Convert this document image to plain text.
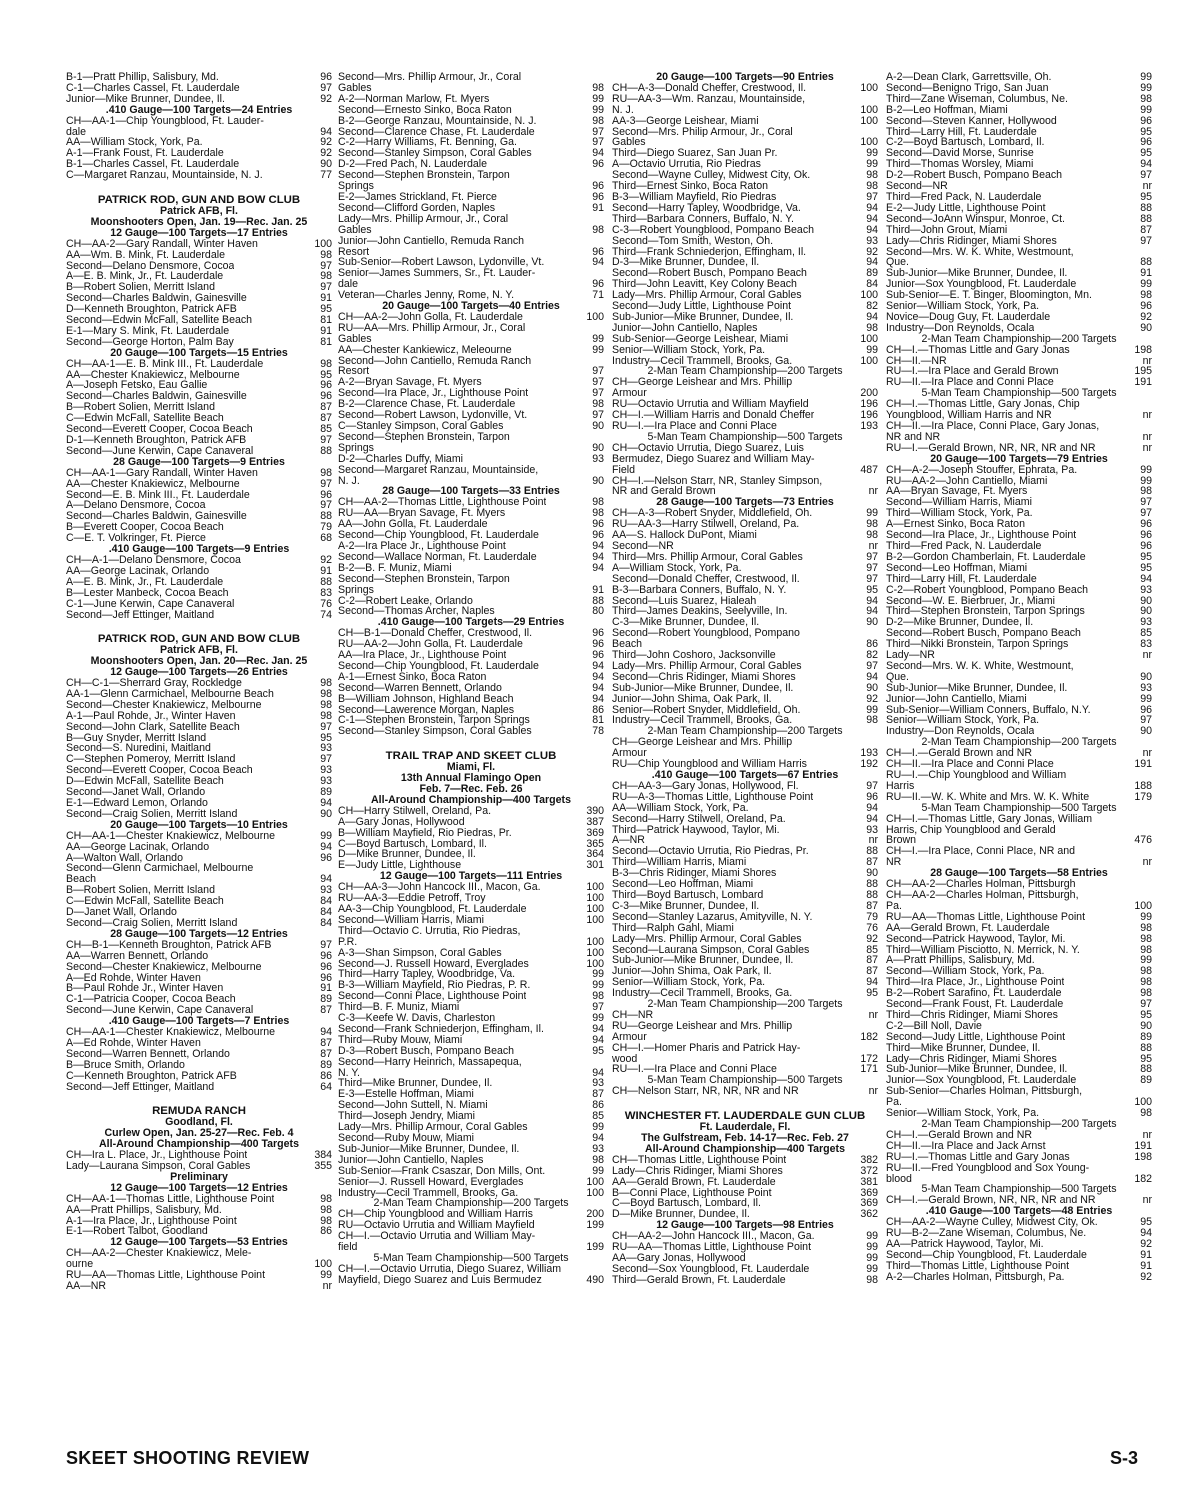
B-1—Pratt Phillip, Salisbury, Md.	96
C-1—Charles Cassel, Ft. Lauderdale	97
Junior—Mike Brunner, Dundee, Il.	92
.410 Gauge—100 Targets—24 Entries
CH—AA-1—Chip Youngblood, Ft. Lauder-
dale	94
AA—William Stock, York, Pa.	92
A-1—Frank Foust, Ft. Lauderdale	92
B-1—Charles Cassel, Ft. Lauderdale	90
C—Margaret Ranzau, Mountainside, N. J.	77
PATRICK ROD, GUN AND BOW CLUB
Patrick AFB, Fl.
Moonshooters Open, Jan. 19—Rec. Jan. 25
12 Gauge—100 Targets—17 Entries
CH—AA-2—Gary Randall, Winter Haven	100
AA—Wm. B. Mink, Ft. Lauderdale	98
Second—Delano Densmore, Cocoa	97
A—E. B. Mink, Jr., Ft. Lauderdale	98
B—Robert Solien, Merritt Island	97
Second—Charles Baldwin, Gainesville	91
D—Kenneth Broughton, Patrick AFB	95
Second—Edwin McFall, Satellite Beach	81
E-1—Mary S. Mink, Ft. Lauderdale	91
Second—George Horton, Palm Bay	81
20 Gauge—100 Targets—15 Entries
CH—AA-1—E. B. Mink III., Ft. Lauderdale	98
AA—Chester Knakiewicz, Melbourne	95
A—Joseph Fetsko, Eau Gallie	96
Second—Charles Baldwin, Gainesville	96
B—Robert Solien, Merritt Island	87
C—Edwin McFall, Satellite Beach	87
Second—Everett Cooper, Cocoa Beach	85
D-1—Kenneth Broughton, Patrick AFB	97
Second—June Kerwin, Cape Canaveral	88
28 Gauge—100 Targets—9 Entries
CH—AA-1—Gary Randall, Winter Haven	98
AA—Chester Knakiewicz, Melbourne	97
Second—E. B. Mink III., Ft. Lauderdale	96
A—Delano Densmore, Cocoa	97
Second—Charles Baldwin, Gainesville	88
B—Everett Cooper, Cocoa Beach	79
C—E. T. Volkringer, Ft. Pierce	68
.410 Gauge—100 Targets—9 Entries
CH—A-1—Delano Densmore, Cocoa	92
AA—George Lacinak, Orlando	91
A—E. B. Mink, Jr., Ft. Lauderdale	88
B—Lester Manbeck, Cocoa Beach	83
C-1—June Kerwin, Cape Canaveral	76
Second—Jeff Ettinger, Maitland	74
PATRICK ROD, GUN AND BOW CLUB
Patrick AFB, Fl.
Moonshooters Open, Jan. 20—Rec. Jan. 25
12 Gauge—100 Targets—26 Entries
CH—C-1—Sherrard Gray, Rockledge	98
AA-1—Glenn Carmichael, Melbourne Beach	98
Second—Chester Knakiewicz, Melbourne	98
A-1—Paul Rohde, Jr., Winter Haven	98
Second—John Clark, Satellite Beach	97
B—Guy Snyder, Merritt Island	95
Second—S. Nuredini, Maitland	93
C—Stephen Pomeroy, Merritt Island	97
Second—Everett Cooper, Cocoa Beach	93
D—Edwin McFall, Satellite Beach	93
Second—Janet Wall, Orlando	89
E-1—Edward Lemon, Orlando	94
Second—Craig Solien, Merritt Island	90
20 Gauge—100 Targets—10 Entries
CH—AA-1—Chester Knakiewicz, Melbourne	99
AA—George Lacinak, Orlando	94
A—Walton Wall, Orlando	96
Second—Glenn Carmichael, Melbourne
Beach	94
B—Robert Solien, Merritt Island	93
C—Edwin McFall, Satellite Beach	84
D—Janet Wall, Orlando	84
Second—Craig Solien, Merritt Island	84
28 Gauge—100 Targets—12 Entries
CH—B-1—Kenneth Broughton, Patrick AFB	97
AA—Warren Bennett, Orlando	96
Second—Chester Knakiewicz, Melbourne	96
A—Ed Rohde, Winter Haven	96
B—Paul Rohde Jr., Winter Haven	91
C-1—Patricia Cooper, Cocoa Beach	89
Second—June Kerwin, Cape Canaveral	87
.410 Gauge—100 Targets—7 Entries
CH—AA-1—Chester Knakiewicz, Melbourne	94
A—Ed Rohde, Winter Haven	87
Second—Warren Bennett, Orlando	87
B—Bruce Smith, Orlando	89
C—Kenneth Broughton, Patrick AFB	86
Second—Jeff Ettinger, Maitland	64
REMUDA RANCH
Goodland, Fl.
Curlew Open, Jan. 25-27—Rec. Feb. 4
All-Around Championship—400 Targets
CH—Ira L. Place, Jr., Lighthouse Point	384
Lady—Laurana Simpson, Coral Gables	355
Preliminary
12 Gauge—100 Targets—12 Entries
CH—AA-1—Thomas Little, Lighthouse Point	98
AA—Pratt Phillips, Salisbury, Md.	98
A-1—Ira Place, Jr., Lighthouse Point	98
E-1—Robert Talbot, Goodland	86
12 Gauge—100 Targets—53 Entries
CH—AA-2—Chester Knakiewicz, Mele-
ourne	100
RU—AA—Thomas Little, Lighthouse Point	99
AA—NR	nr
Second—Mrs. Phillip Armour, Jr., Coral
Gables	98
A-2—Norman Marlow, Ft. Myers	99
Second—Ernesto Sinko, Boca Raton	99
B-2—George Ranzau, Mountainside, N. J.	98
Second—Clarence Chase, Ft. Lauderdale	97
C-2—Harry Williams, Ft. Benning, Ga.	97
Second—Stanley Simpson, Coral Gables	94
D-2—Fred Pach, N. Lauderdale	96
Second—Stephen Bronstein, Tarpon
Springs	96
E-2—James Strickland, Ft. Pierce	96
Second—Clifford Gorden, Naples	91
Lady—Mrs. Phillip Armour, Jr., Coral
Gables	98
Junior—John Cantiello, Remuda Ranch
Resort	96
Sub-Senior—Robert Lawson, Lydonville, Vt.	94
Senior—James Summers, Sr., Ft. Lauder-
dale	96
Veteran—Charles Jenny, Rome, N. Y.	71
20 Gauge—100 Targets—40 Entries
CH—AA-2—John Golla, Ft. Lauderdale	100
RU—AA—Mrs. Phillip Armour, Jr., Coral
Gables	99
AA—Chester Kankiewicz, Meleourne	99
Second—John Cantiello, Remuda Ranch
Resort	97
A-2—Bryan Savage, Ft. Myers	97
Second—Ira Place, Jr., Lighthouse Point	97
B-2—Clarence Chase, Ft. Lauderdale	98
Second—Robert Lawson, Lydonville, Vt.	97
C—Stanley Simpson, Coral Gables	90
Second—Stephen Bronstein, Tarpon
Springs	90
D-2—Charles Duffy, Miami	93
Second—Margaret Ranzau, Mountainside,
N. J.	90
28 Gauge—100 Targets—33 Entries
CH—AA-2—Thomas Little, Lighthouse Point	98
RU—AA—Bryan Savage, Ft. Myers	98
AA—John Golla, Ft. Lauderdale	96
Second—Chip Youngblood, Ft. Lauderdale	96
A-2—Ira Place Jr., Lighthouse Point	94
Second—Wallace Norman, Ft. Lauderdale	94
B-2—B. F. Muniz, Miami	94
Second—Stephen Bronstein, Tarpon
Springs	91
C-2—Robert Leake, Orlando	88
Second—Thomas Archer, Naples	80
.410 Gauge—100 Targets—29 Entries
CH—B-1—Donald Cheffer, Crestwood, Il.	96
RU—AA-2—John Golla, Ft. Lauderdale	96
AA—Ira Place, Jr., Lighthouse Point	96
Second—Chip Youngblood, Ft. Lauderdale	94
A-1—Ernest Sinko, Boca Raton	94
Second—Warren Bennett, Orlando	94
B—William Johnson, Highland Beach	94
Second—Lawerence Morgan, Naples	86
C-1—Stephen Bronstein, Tarpon Springs	81
Second—Stanley Simpson, Coral Gables	78
TRAIL TRAP AND SKEET CLUB
Miami, Fl.
13th Annual Flamingo Open
Feb. 7—Rec. Feb. 26
All-Around Championship—400 Targets
CH—Harry Stilwell, Oreland, Pa.	390
A—Gary Jonas, Hollywood	387
B—William Mayfield, Rio Piedras, Pr.	369
C—Boyd Bartusch, Lombard, Il.	365
D—Mike Brunner, Dundee, Il.	364
E—Judy Little, Lighthouse	301
12 Gauge—100 Targets—111 Entries
CH—AA-3—John Hancock III., Macon, Ga.	100
RU—AA-3—Eddie Petroff, Troy	100
AA-3—Chip Youngblood, Ft. Lauderdale	100
Second—William Harris, Miami	100
Third—Octavio C. Urrutia, Rio Piedras,
P.R.	100
A-3—Shan Simpson, Coral Gables	100
Second—J. Russell Howard, Everglades	100
Third—Harry Tapley, Woodbridge, Va.	99
B-3—William Mayfield, Rio Piedras, P. R.	99
Second—Conni Place, Lighthouse Point	98
Third—B. F. Muniz, Miami	97
C-3—Keefe W. Davis, Charleston	99
Second—Frank Schniederjon, Effingham, Il.	94
Third—Ruby Mouw, Miami	94
D-3—Robert Busch, Pompano Beach	95
Second—Harry Heinrich, Massapequa,
N. Y.	94
Third—Mike Brunner, Dundee, Il.	93
E-3—Estelle Hoffman, Miami	87
Second—John Suttell, N. Miami	86
Third—Joseph Jendry, Miami	85
Lady—Mrs. Phillip Armour, Coral Gables	99
Second—Ruby Mouw, Miami	94
Sub-Junior—Mike Brunner, Dundee, Il.	93
Junior—John Cantiello, Naples	98
Sub-Senior—Frank Csaszar, Don Mills, Ont.	99
Senior—J. Russell Howard, Everglades	100
Industry—Cecil Trammell, Brooks, Ga.	100
2-Man Team Championship—200 Targets
CH—Chip Youngblood and William Harris	200
RU—Octavio Urrutia and William Mayfield	199
CH—I.—Octavio Urrutia and William May-
field	199
5-Man Team Championship—500 Targets
CH—I.—Octavio Urrutia, Diego Suarez, William
Mayfield, Diego Suarez and Luis Bermudez	490
20 Gauge—100 Targets—90 Entries
CH—A-3—Donald Cheffer, Crestwood, Il.	100
RU—AA-3—Wm. Ranzau, Mountainside,
N. J.	100
AA-3—George Leishear, Miami	100
Second—Mrs. Philip Armour, Jr., Coral
Gables	100
Third—Diego Suarez, San Juan Pr.	99
A—Octavio Urrutia, Rio Piedras	99
Second—Wayne Culley, Midwest City, Ok.	98
Third—Ernest Sinko, Boca Raton	98
B-3—William Mayfield, Rio Piedras	97
Second—Harry Tapley, Woodbridge, Va.	94
Third—Barbara Conners, Buffalo, N. Y.	94
C-3—Robert Youngblood, Pompano Beach	94
Second—Tom Smith, Weston, Oh.	93
Third—Frank Schniederjon, Effingham, Il.	92
D-3—Mike Brunner, Dundee, Il.	94
Second—Robert Busch, Pompano Beach	89
Third—John Leavitt, Key Colony Beach	84
Lady—Mrs. Phillip Armour, Coral Gables	100
Second—Judy Little, Lighthouse Point	82
Sub-Junior—Mike Brunner, Dundee, Il.	94
Junior—John Cantiello, Naples	98
Sub-Senior—George Leishear, Miami	100
Senior—William Stock, York, Pa.	99
Industry—Cecil Trammell, Brooks, Ga.	100
2-Man Team Championship—200 Targets
CH—George Leishear and Mrs. Phillip
Armour	200
RU—Octavio Urrutia and William Mayfield	196
CH—I.—William Harris and Donald Cheffer	196
RU—I.—Ira Place and Conni Place	193
5-Man Team Championship—500 Targets
CH—Octavio Urrutia, Diego Suarez, Luis
Bermudez, Diego Suarez and William May-
Field	487
CH—I.—Nelson Starr, NR, Stanley Simpson,
NR and Gerald Brown	nr
28 Gauge—100 Targets—73 Entries
CH—A-3—Robert Snyder, Middlefield, Oh.	99
RU—AA-3—Harry Stilwell, Oreland, Pa.	98
AA—S. Hallock DuPont, Miami	98
Second—NR	nr
Third—Mrs. Phillip Armour, Coral Gables	97
A—William Stock, York, Pa.	97
Second—Donald Cheffer, Crestwood, Il.	97
B-3—Barbara Conners, Buffalo, N. Y.	95
Second—Luis Suarez, Hialeah	94
Third—James Deakins, Seelyville, In.	94
C-3—Mike Brunner, Dundee, Il.	90
Second—Robert Youngblood, Pompano
Beach	86
Third—John Coshoro, Jacksonville	82
Lady—Mrs. Phillip Armour, Coral Gables	97
Second—Chris Ridinger, Miami Shores	94
Sub-Junior—Mike Brunner, Dundee, Il.	90
Junior—John Shima, Oak Park, Il.	92
Senior—Robert Snyder, Middlefield, Oh.	99
Industry—Cecil Trammell, Brooks, Ga.	98
2-Man Team Championship—200 Targets
CH—George Leishear and Mrs. Phillip
Armour	193
RU—Chip Youngblood and William Harris	192
.410 Gauge—100 Targets—67 Entries
CH—AA-3—Gary Jonas, Hollywood, Fl.	97
RU—A-3—Thomas Little, Lighthouse Point	96
AA—William Stock, York, Pa.	94
Second—Harry Stilwell, Oreland, Pa.	94
Third—Patrick Haywood, Taylor, Mi.	93
A—NR	nr
Second—Octavio Urrutia, Rio Piedras, Pr.	88
Third—William Harris, Miami	87
B-3—Chris Ridinger, Miami Shores	90
Second—Leo Hoffman, Miami	88
Third—Boyd Bartusch, Lombard	88
C-3—Mike Brunner, Dundee, Il.	87
Second—Stanley Lazarus, Amityville, N. Y.	79
Third—Ralph Gahl, Miami	76
Lady—Mrs. Phillip Armour, Coral Gables	92
Second—Laurana Simpson, Coral Gables	85
Sub-Junior—Mike Brunner, Dundee, Il.	87
Junior—John Shima, Oak Park, Il.	87
Senior—William Stock, York, Pa.	94
Industry—Cecil Trammell, Brooks, Ga.	95
2-Man Team Championship—200 Targets
CH—NR	nr
RU—George Leishear and Mrs. Phillip
Armour	182
CH—I.—Homer Pharis and Patrick Hay-
wood	172
RU—I.—Ira Place and Conni Place	171
5-Man Team Championship—500 Targets
CH—Nelson Starr, NR, NR, NR and NR	nr
WINCHESTER FT. LAUDERDALE GUN CLUB
Ft. Lauderdale, Fl.
The Gulfstream, Feb. 14-17—Rec. Feb. 27
All-Around Championship—400 Targets
CH—Thomas Little, Lighthouse Point	382
Lady—Chris Ridinger, Miami Shores	372
AA—Gerald Brown, Ft. Lauderdale	381
B—Conni Place, Lighthouse Point	369
C—Boyd Bartusch, Lombard, Il.	369
D—Mike Brunner, Dundee, Il.	362
12 Gauge—100 Targets—98 Entries
CH—AA-2—John Hancock III., Macon, Ga.	99
RU—AA—Thomas Little, Lighthouse Point	99
AA—Gary Jonas, Hollywood	99
Second—Sox Youngblood, Ft. Lauderdale	99
Third—Gerald Brown, Ft. Lauderdale	98
A-2—Dean Clark, Garrettsville, Oh.	99
Second—Benigno Trigo, San Juan	99
Third—Zane Wiseman, Columbus, Ne.	98
B-2—Leo Hoffman, Miami	99
Second—Steven Kanner, Hollywood	96
Third—Larry Hill, Ft. Lauderdale	95
C-2—Boyd Bartusch, Lombard, Il.	96
Second—David Morse, Sunrise	95
Third—Thomas Worsley, Miami	94
D-2—Robert Busch, Pompano Beach	97
Second—NR	nr
Third—Fred Pack, N. Lauderdale	95
E-2—Judy Little, Lighthouse Point	88
Second—JoAnn Winspur, Monroe, Ct.	88
Third—John Grout, Miami	87
Lady—Chris Ridinger, Miami Shores	97
Second—Mrs. W. K. White, Westmount,
Que.	88
Sub-Junior—Mike Brunner, Dundee, Il.	91
Junior—Sox Youngblood, Ft. Lauderdale	99
Sub-Senior—E. T. Binger, Bloomington, Mn.	98
Senior—William Stock, York, Pa.	96
Novice—Doug Guy, Ft. Lauderdale	92
Industry—Don Reynolds, Ocala	90
2-Man Team Championship—200 Targets
CH—I.—Thomas Little and Gary Jonas	198
CH—II.—NR	nr
RU—I.—Ira Place and Gerald Brown	195
RU—II.—Ira Place and Conni Place	191
5-Man Team Championship—500 Targets
CH—I.—Thomas Little, Gary Jonas, Chip
Youngblood, William Harris and NR	nr
CH—II.—Ira Place, Conni Place, Gary Jonas,
NR and NR	nr
RU—I.—Gerald Brown, NR, NR, NR and NR	nr
20 Gauge—100 Targets—79 Entries
CH—A-2—Joseph Stouffer, Ephrata, Pa.	99
RU—AA-2—John Cantiello, Miami	99
AA—Bryan Savage, Ft. Myers	98
Second—William Harris, Miami	97
Third—William Stock, York, Pa.	97
A—Ernest Sinko, Boca Raton	96
Second—Ira Place, Jr., Lighthouse Point	96
Third—Fred Pack, N. Lauderdale	96
B-2—Gordon Chamberlain, Ft. Lauderdale	95
Second—Leo Hoffman, Miami	95
Third—Larry Hill, Ft. Lauderdale	94
C-2—Robert Youngblood, Pompano Beach	93
Second—W. E. Bierbruer, Jr., Miami	90
Third—Stephen Bronstein, Tarpon Springs	90
D-2—Mike Brunner, Dundee, Il.	93
Second—Robert Busch, Pompano Beach	85
Third—Nikki Bronstein, Tarpon Springs	83
Lady—NR	nr
Second—Mrs. W. K. White, Westmount,
Que.	90
Sub-Junior—Mike Brunner, Dundee, Il.	93
Junior—John Cantiello, Miami	99
Sub-Senior—William Conners, Buffalo, N.Y.	96
Senior—William Stock, York, Pa.	97
Industry—Don Reynolds, Ocala	90
2-Man Team Championship—200 Targets
CH—I.—Gerald Brown and NR	nr
CH—II.—Ira Place and Conni Place	191
RU—I.—Chip Youngblood and William
Harris	188
RU—II.—W. K. White and Mrs. W. K. White	179
5-Man Team Championship—500 Targets
CH—I.—Thomas Little, Gary Jonas, William
Harris, Chip Youngblood and Gerald
Brown	476
CH—I.—Ira Place, Conni Place, NR and
NR	nr
28 Gauge—100 Targets—58 Entries
CH—AA-2—Charles Holman, Pittsburgh
CH—AA-2—Charles Holman, Pittsburgh,
Pa.	100
RU—AA—Thomas Little, Lighthouse Point	99
AA—Gerald Brown, Ft. Lauderdale	98
Second—Patrick Haywood, Taylor, Mi.	98
Third—William Pisciotto, N. Merrick, N. Y.	98
A—Pratt Phillips, Salisbury, Md.	99
Second—William Stock, York, Pa.	98
Third—Ira Place, Jr., Lighthouse Point	98
B-2—Robert Sarafino, Ft. Lauderdale	98
Second—Frank Foust, Ft. Lauderdale	97
Third—Chris Ridinger, Miami Shores	95
C-2—Bill Noll, Davie	90
Second—Judy Little, Lighthouse Point	89
Third—Mike Brunner, Dundee, Il.	88
Lady—Chris Ridinger, Miami Shores	95
Sub-Junior—Mike Brunner, Dundee, Il.	88
Junior—Sox Youngblood, Ft. Lauderdale	89
Sub-Senior—Charles Holman, Pittsburgh,
Pa.	100
Senior—William Stock, York, Pa.	98
2-Man Team Championship—200 Targets
CH—I.—Gerald Brown and NR	nr
CH—II.—Ira Place and Jack Arnst	191
RU—I.—Thomas Little and Gary Jonas	198
RU—II.—Fred Youngblood and Sox Young-
blood	182
5-Man Team Championship—500 Targets
CH—I.—Gerald Brown, NR, NR, NR and NR	nr
.410 Gauge—100 Targets—48 Entries
CH—AA-2—Wayne Culley, Midwest City, Ok.	95
RU—B-2—Zane Wiseman, Columbus, Ne.	94
AA—Patrick Haywood, Taylor, Mi.	92
Second—Chip Youngblood, Ft. Lauderdale	91
Third—Thomas Little, Lighthouse Point	91
A-2—Charles Holman, Pittsburgh, Pa.	92
SKEET SHOOTING REVIEW	S-3
